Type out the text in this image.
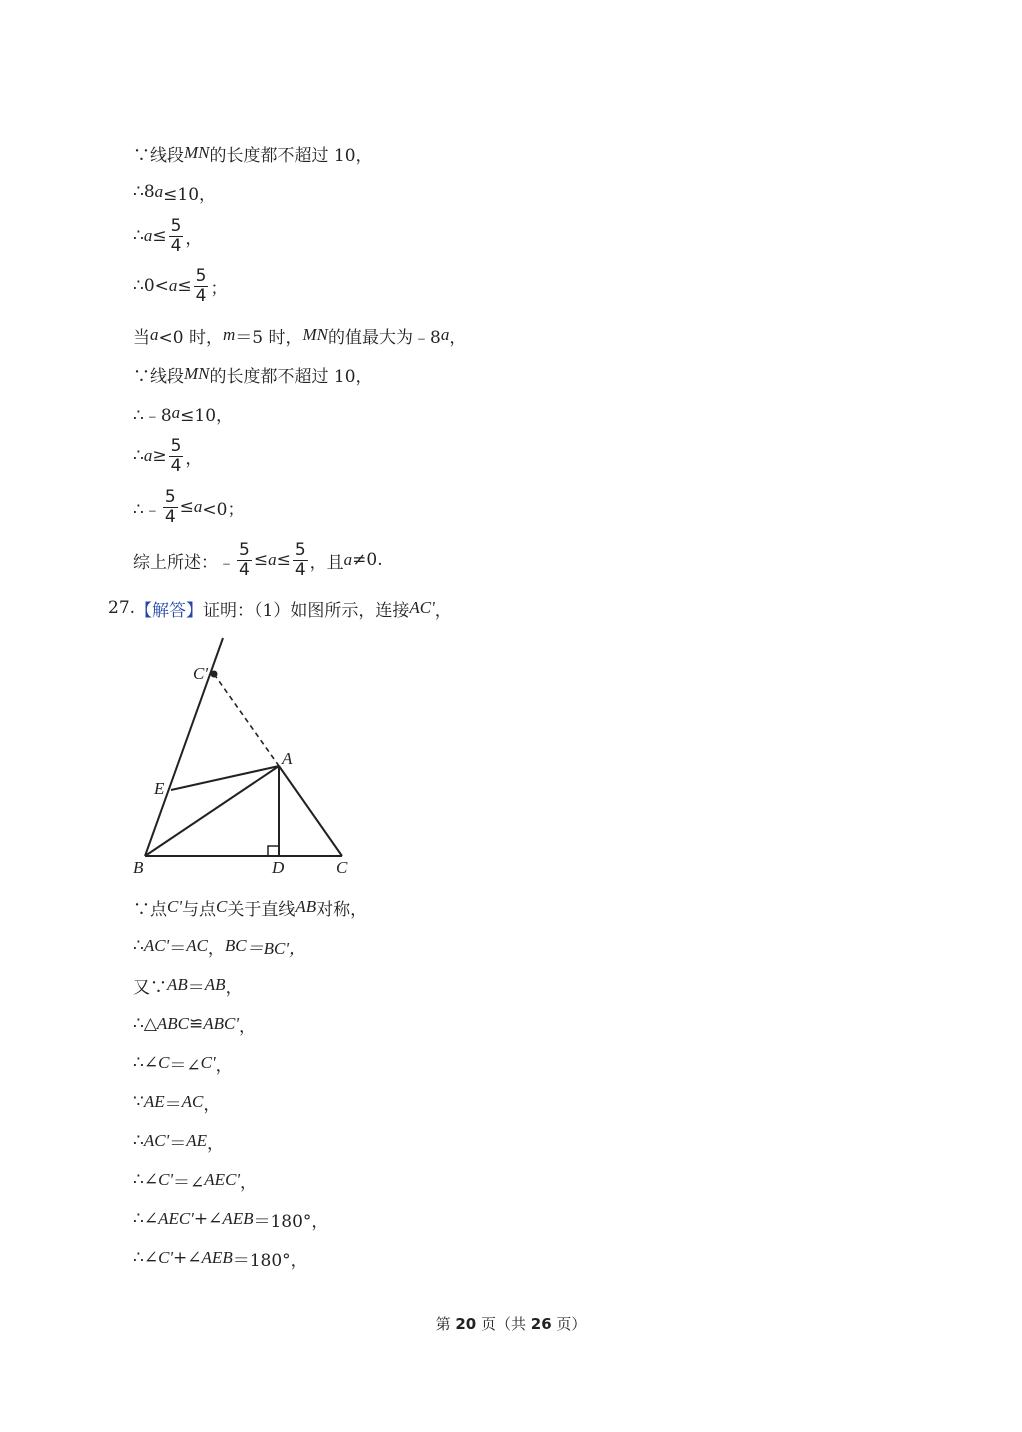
∵线段 MN 的长度都不超过 10，
∴8 a ≤10，
∴ $a \le \frac{5}{4}$ ，
∴0< $a \le \frac{5}{4}$ ；
当 a <0 时， m ＝5 时， MN 的值最大为﹣8 a ，
∵线段 MN 的长度都不超过 10，
∴﹣8 a ≤10，
∴ $a \ge \frac{5}{4}$ ，
∴﹣ $\frac{5}{4} \le a <0$；
综上所述：﹣ $\frac{5}{4} \le a \le \frac{5}{4}$ ，且 a ≠0.
27. 【解答】 证明：（1）如图所示，连接 AC' ，
C′
A
E
B	D	C
∵点 C' 与点 C 关于直线 AB 对称，
∴ AC' ＝ AC ， BC ＝BC'，
又∵ AB ＝ AB ，
∴△ ABC ≌ ABC' ，
∴∠ C ＝∠ C' ，
∵ AE ＝ AC ，
∴ AC' ＝ AE ，
∴∠ C' ＝∠ AEC' ，
∴∠ AEC' +∠ AEB ＝180°，
∴∠ C' +∠ AEB ＝180°，
第 20 页（共 26 页）
